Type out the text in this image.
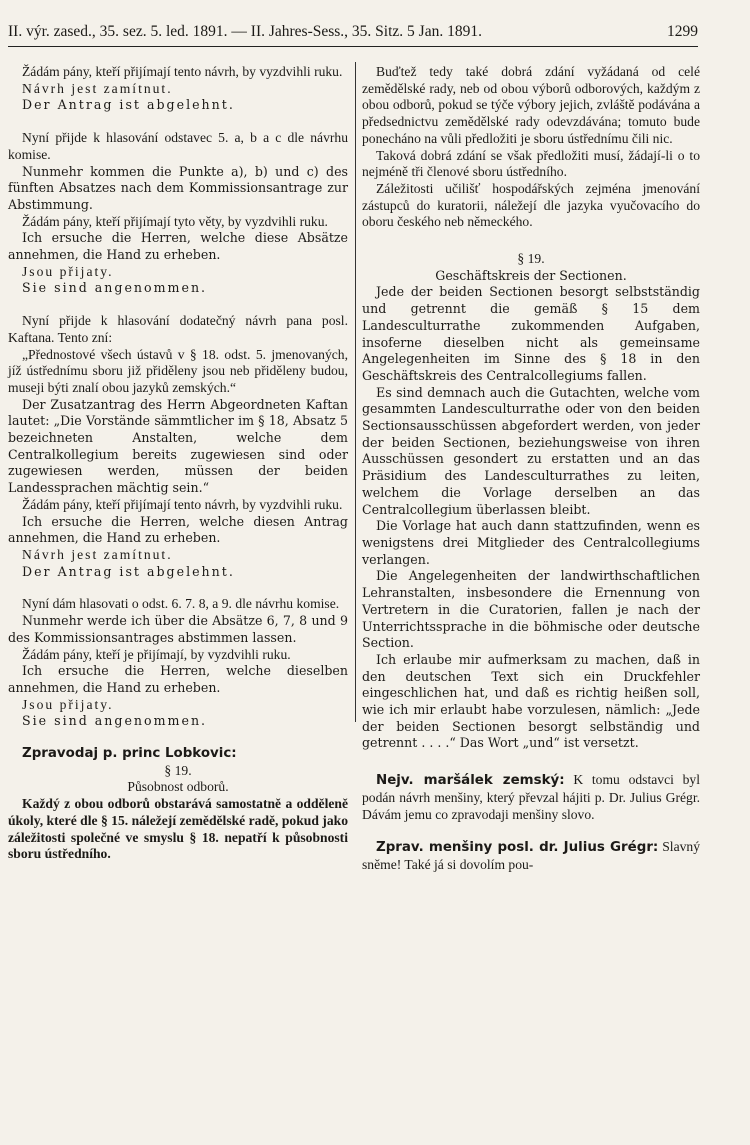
II. výr. zased., 35. sez. 5. led. 1891. — II. Jahres-Sess., 35. Sitz. 5 Jan. 1891.	1299

Žádám pány, kteří přijímají tento návrh, by vyzdvihli ruku.

Návrh jest zamítnut.

Der Antrag ist abgelehnt.

Nyní přijde k hlasování odstavec 5. a, b a c dle návrhu komise.

Nunmehr kommen die Punkte a), b) und c) des fünften Absatzes nach dem Kommissionsantrage zur Abstimmung.

Žádám pány, kteří přijímají tyto věty, by vyzdvihli ruku.

Ich ersuche die Herren, welche diese Absätze annehmen, die Hand zu erheben.

Jsou přijaty.

Sie sind angenommen.

Nyní přijde k hlasování dodatečný návrh pana posl. Kaftana. Tento zní:

„Přednostové všech ústavů v § 18. odst. 5. jmenovaných, jíž ústřednímu sboru již přiděleny jsou neb přiděleny budou, museji býti znalí obou jazyků zemských.“

Der Zusatzantrag des Herrn Abgeordneten Kaftan lautet: „Die Vorstände sämmtlicher im § 18, Absatz 5 bezeichneten Anstalten, welche dem Centralkollegium bereits zugewiesen sind oder zugewiesen werden, müssen der beiden Landessprachen mächtig sein.“

Žádám pány, kteří přijímají tento návrh, by vyzdvihli ruku.

Ich ersuche die Herren, welche diesen Antrag annehmen, die Hand zu erheben.

Návrh jest zamítnut.

Der Antrag ist abgelehnt.

Nyní dám hlasovati o odst. 6. 7. 8, a 9. dle návrhu komise.

Nunmehr werde ich über die Absätze 6, 7, 8 und 9 des Kommissionsantrages abstimmen lassen.

Žádám pány, kteří je přijímají, by vyzdvihli ruku.

Ich ersuche die Herren, welche dieselben annehmen, die Hand zu erheben.

Jsou přijaty.

Sie sind angenommen.

Zpravodaj p. princ Lobkovic:

§ 19.

Působnost odborů.

Každý z obou odborů obstarává samostatně a odděleně úkoly, které dle § 15. náležejí zemědělské radě, pokud jako záležitosti společné ve smyslu § 18. nepatří k působnosti sboru ústředního.

Buďtež tedy také dobrá zdání vyžádaná od celé zemědělské rady, neb od obou výborů odborových, každým z obou odborů, pokud se týče výbory jejich, zvláště podávána a předsednictvu zemědělské rady odevzdávána; tomuto bude ponecháno na vůli předložiti je sboru ústřednímu čili nic.

Taková dobrá zdání se však předložiti musí, žádají-li o to nejméně tři členové sboru ústředního.

Záležitosti učilišť hospodářských zejména jmenování zástupců do kuratorii, náležejí dle jazyka vyučovacího do oboru českého neb německého.

§ 19.

Geschäftskreis der Sectionen.

Jede der beiden Sectionen besorgt selbstständig und getrennt die gemäß § 15 dem Landesculturrathe zukommenden Aufgaben, insoferne dieselben nicht als gemeinsame Angelegenheiten im Sinne des § 18 in den Geschäftskreis des Centralcollegiums fallen.

Es sind demnach auch die Gutachten, welche vom gesammten Landesculturrathe oder von den beiden Sectionsausschüssen abgefordert werden, von jeder der beiden Sectionen, beziehungsweise von ihren Ausschüssen gesondert zu erstatten und an das Präsidium des Landesculturrathes zu leiten, welchem die Vorlage derselben an das Centralcollegium überlassen bleibt.

Die Vorlage hat auch dann stattzufinden, wenn es wenigstens drei Mitglieder des Centralcollegiums verlangen.

Die Angelegenheiten der landwirthschaftlichen Lehranstalten, insbesondere die Ernennung von Vertretern in die Curatorien, fallen je nach der Unterrichtssprache in die böhmische oder deutsche Section.

Ich erlaube mir aufmerksam zu machen, daß in den deutschen Text sich ein Druckfehler eingeschlichen hat, und daß es richtig heißen soll, wie ich mir erlaubt habe vorzulesen, nämlich: „Jede der beiden Sectionen besorgt selbständig und getrennt . . . .“ Das Wort „und“ ist versetzt.

Nejv. maršálek zemský: K tomu odstavci byl podán návrh menšiny, který převzal hájiti p. Dr. Julius Grégr. Dávám jemu co zpravodaji menšiny slovo.

Zprav. menšiny posl. dr. Julius Grégr: Slavný sněme! Také já si dovolím pou-
